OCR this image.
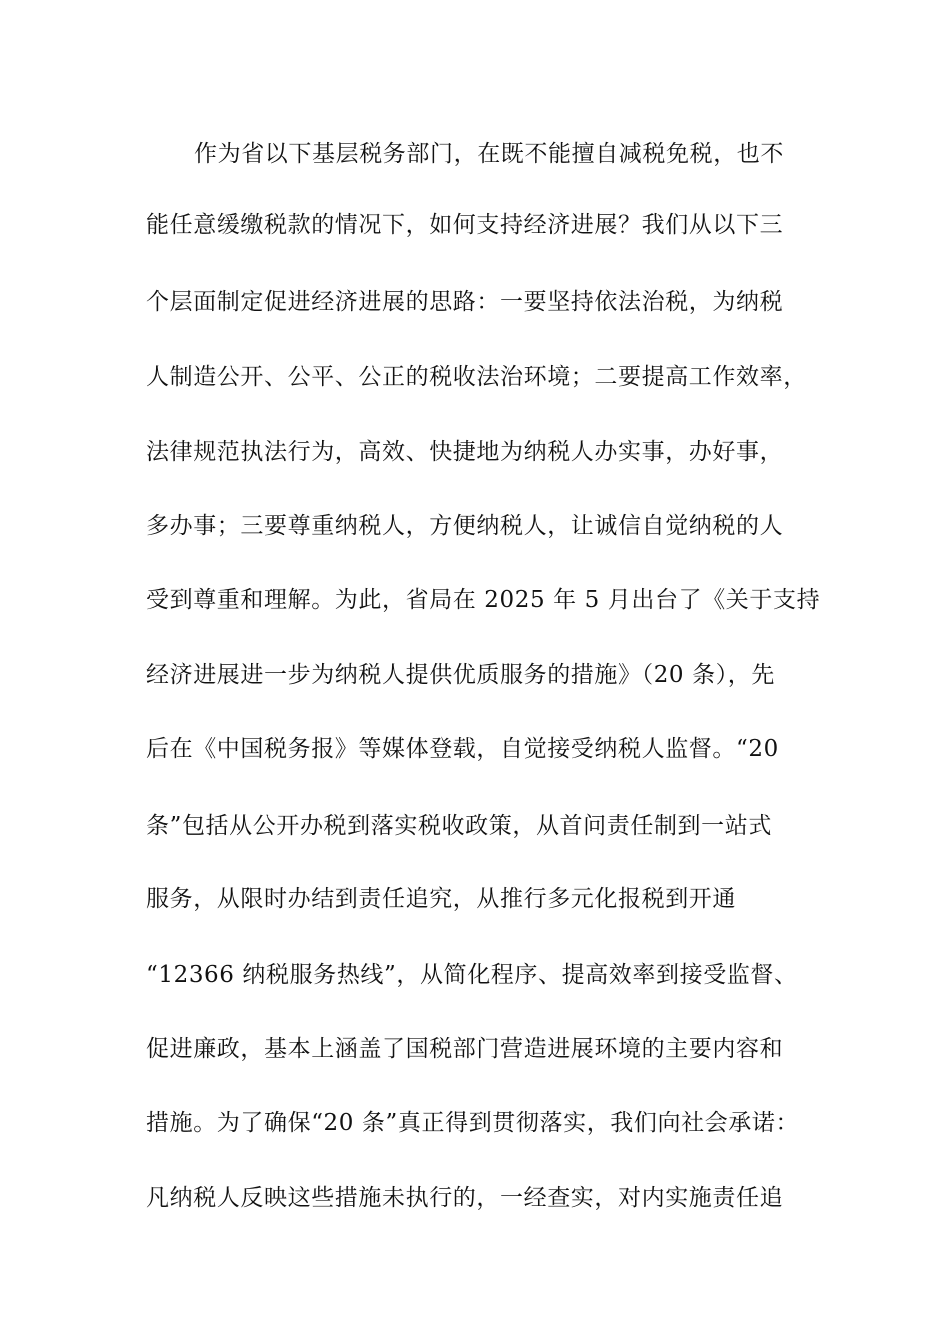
作为省以下基层税务部门，在既不能擅自减税免税，也不
能任意缓缴税款的情况下，如何支持经济进展？我们从以下三
个层面制定促进经济进展的思路：一要坚持依法治税，为纳税
人制造公开、公平、公正的税收法治环境；二要提高工作效率，
法律规范执法行为，高效、快捷地为纳税人办实事，办好事，
多办事；三要尊重纳税人，方便纳税人，让诚信自觉纳税的人
受到尊重和理解。为此，省局在 2025 年 5 月出台了《关于支持
经济进展进一步为纳税人提供优质服务的措施》（20 条），先
后在《中国税务报》等媒体登载，自觉接受纳税人监督。“20
条”包括从公开办税到落实税收政策，从首问责任制到一站式
服务，从限时办结到责任追究，从推行多元化报税到开通
“12366 纳税服务热线”，从简化程序、提高效率到接受监督、
促进廉政，基本上涵盖了国税部门营造进展环境的主要内容和
措施。为了确保“20 条”真正得到贯彻落实，我们向社会承诺：
凡纳税人反映这些措施未执行的，一经查实，对内实施责任追
